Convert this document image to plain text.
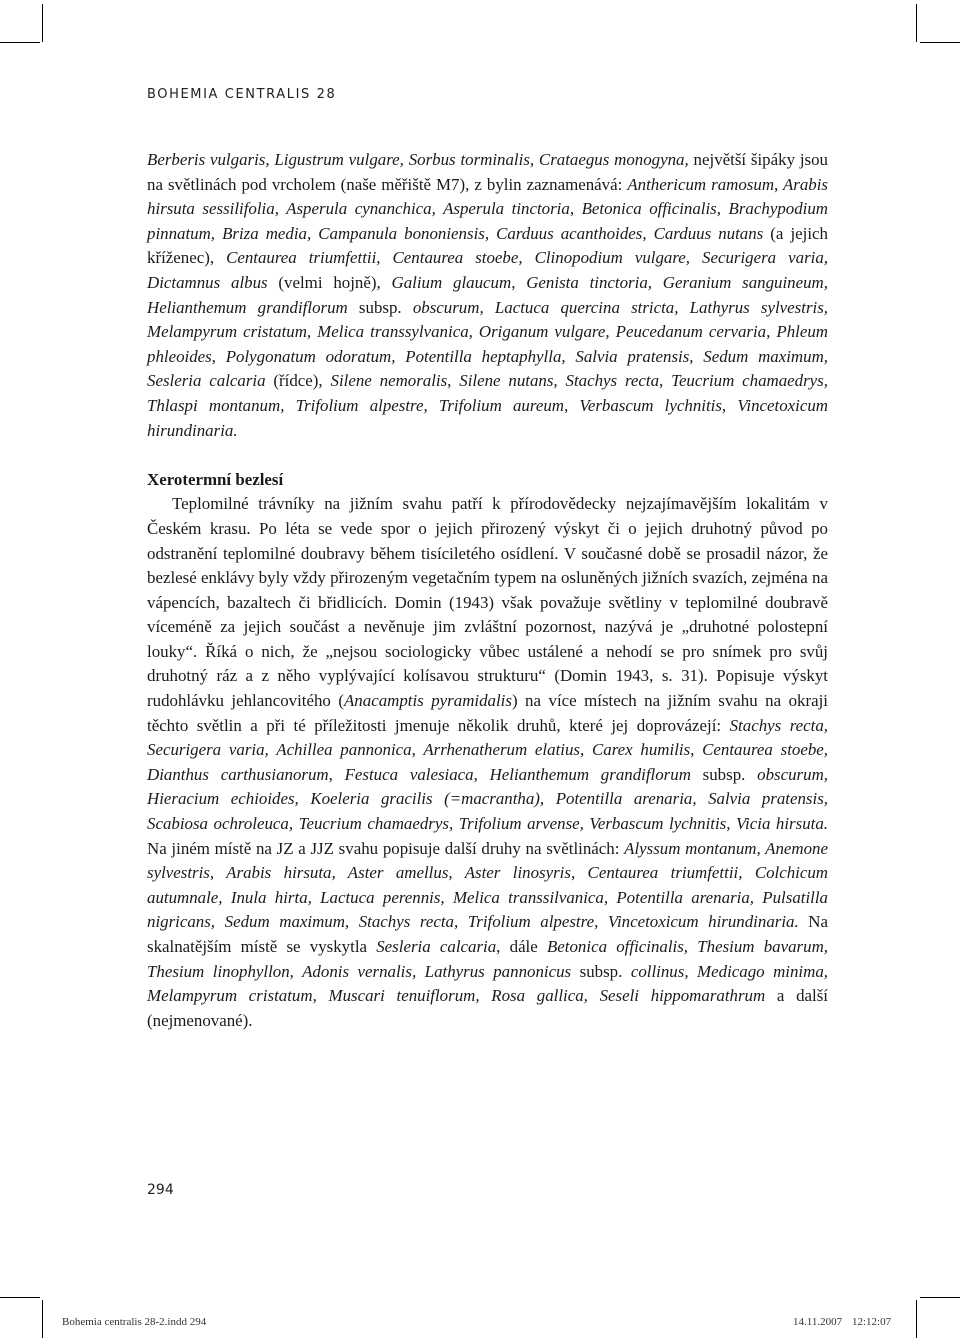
BOHEMIA CENTRALIS 28

Berberis vulgaris, Ligustrum vulgare, Sorbus torminalis, Crataegus monogyna, největší šipáky jsou na světlinách pod vrcholem (naše měřiště M7), z bylin zaznamenává: Anthericum ramosum, Arabis hirsuta sessilifolia, Asperula cynanchica, Asperula tinctoria, Betonica officinalis, Brachypodium pinnatum, Briza media, Campanula bononiensis, Carduus acanthoides, Carduus nutans (a jejich kříženec), Centaurea triumfettii, Centaurea stoebe, Clinopodium vulgare, Securigera varia, Dictamnus albus (velmi hojně), Galium glaucum, Genista tinctoria, Geranium sanguineum, Helianthemum grandiflorum subsp. obscurum, Lactuca quercina stricta, Lathyrus sylvestris, Melampyrum cristatum, Melica transsylvanica, Origanum vulgare, Peucedanum cervaria, Phleum phleoides, Polygonatum odoratum, Potentilla heptaphylla, Salvia pratensis, Sedum maximum, Sesleria calcaria (řídce), Silene nemoralis, Silene nutans, Stachys recta, Teucrium chamaedrys, Thlaspi montanum, Trifolium alpestre, Trifolium aureum, Verbascum lychnitis, Vincetoxicum hirundinaria.

Xerotermní bezlesí

Teplomilné trávníky na jižním svahu patří k přírodovědecky nejzajímavějším lokalitám v Českém krasu. Po léta se vede spor o jejich přirozený výskyt či o jejich druhotný původ po odstranění teplomilné doubravy během tisíciletého osídlení. V současné době se prosadil názor, že bezlesé enklávy byly vždy přirozeným vegetačním typem na osluněných jižních svazích, zejména na vápencích, bazaltech či břidlicích. Domin (1943) však považuje světliny v teplomilné doubravě víceméně za jejich součást a nevěnuje jim zvláštní pozornost, nazývá je „druhotné polostepní louky“. Říká o nich, že „nejsou sociologicky vůbec ustálené a nehodí se pro snímek pro svůj druhotný ráz a z něho vyplývající kolísavou strukturu“ (Domin 1943, s. 31). Popisuje výskyt rudohlávku jehlancovitého (Anacamptis pyramidalis) na více místech na jižním svahu na okraji těchto světlin a při té příležitosti jmenuje několik druhů, které jej doprovázejí: Stachys recta, Securigera varia, Achillea pannonica, Arrhenatherum elatius, Carex humilis, Centaurea stoebe, Dianthus carthusianorum, Festuca valesiaca, Helianthemum grandiflorum subsp. obscurum, Hieracium echioides, Koeleria gracilis (=macrantha), Potentilla arenaria, Salvia pratensis, Scabiosa ochroleuca, Teucrium chamaedrys, Trifolium arvense, Verbascum lychnitis, Vicia hirsuta. Na jiném místě na JZ a JJZ svahu popisuje další druhy na světlinách: Alyssum montanum, Anemone sylvestris, Arabis hirsuta, Aster amellus, Aster linosyris, Centaurea triumfettii, Colchicum autumnale, Inula hirta, Lactuca perennis, Melica transsilvanica, Potentilla arenaria, Pulsatilla nigricans, Sedum maximum, Stachys recta, Trifolium alpestre, Vincetoxicum hirundinaria. Na skalnatějším místě se vyskytla Sesleria calcaria, dále Betonica officinalis, Thesium bavarum, Thesium linophyllon, Adonis vernalis, Lathyrus pannonicus subsp. collinus, Medicago minima, Melampyrum cristatum, Muscari tenuiflorum, Rosa gallica, Seseli hippomarathrum a další (nejmenované).

294
Bohemia centralis 28-2.indd 294	14.11.2007 12:12:07
